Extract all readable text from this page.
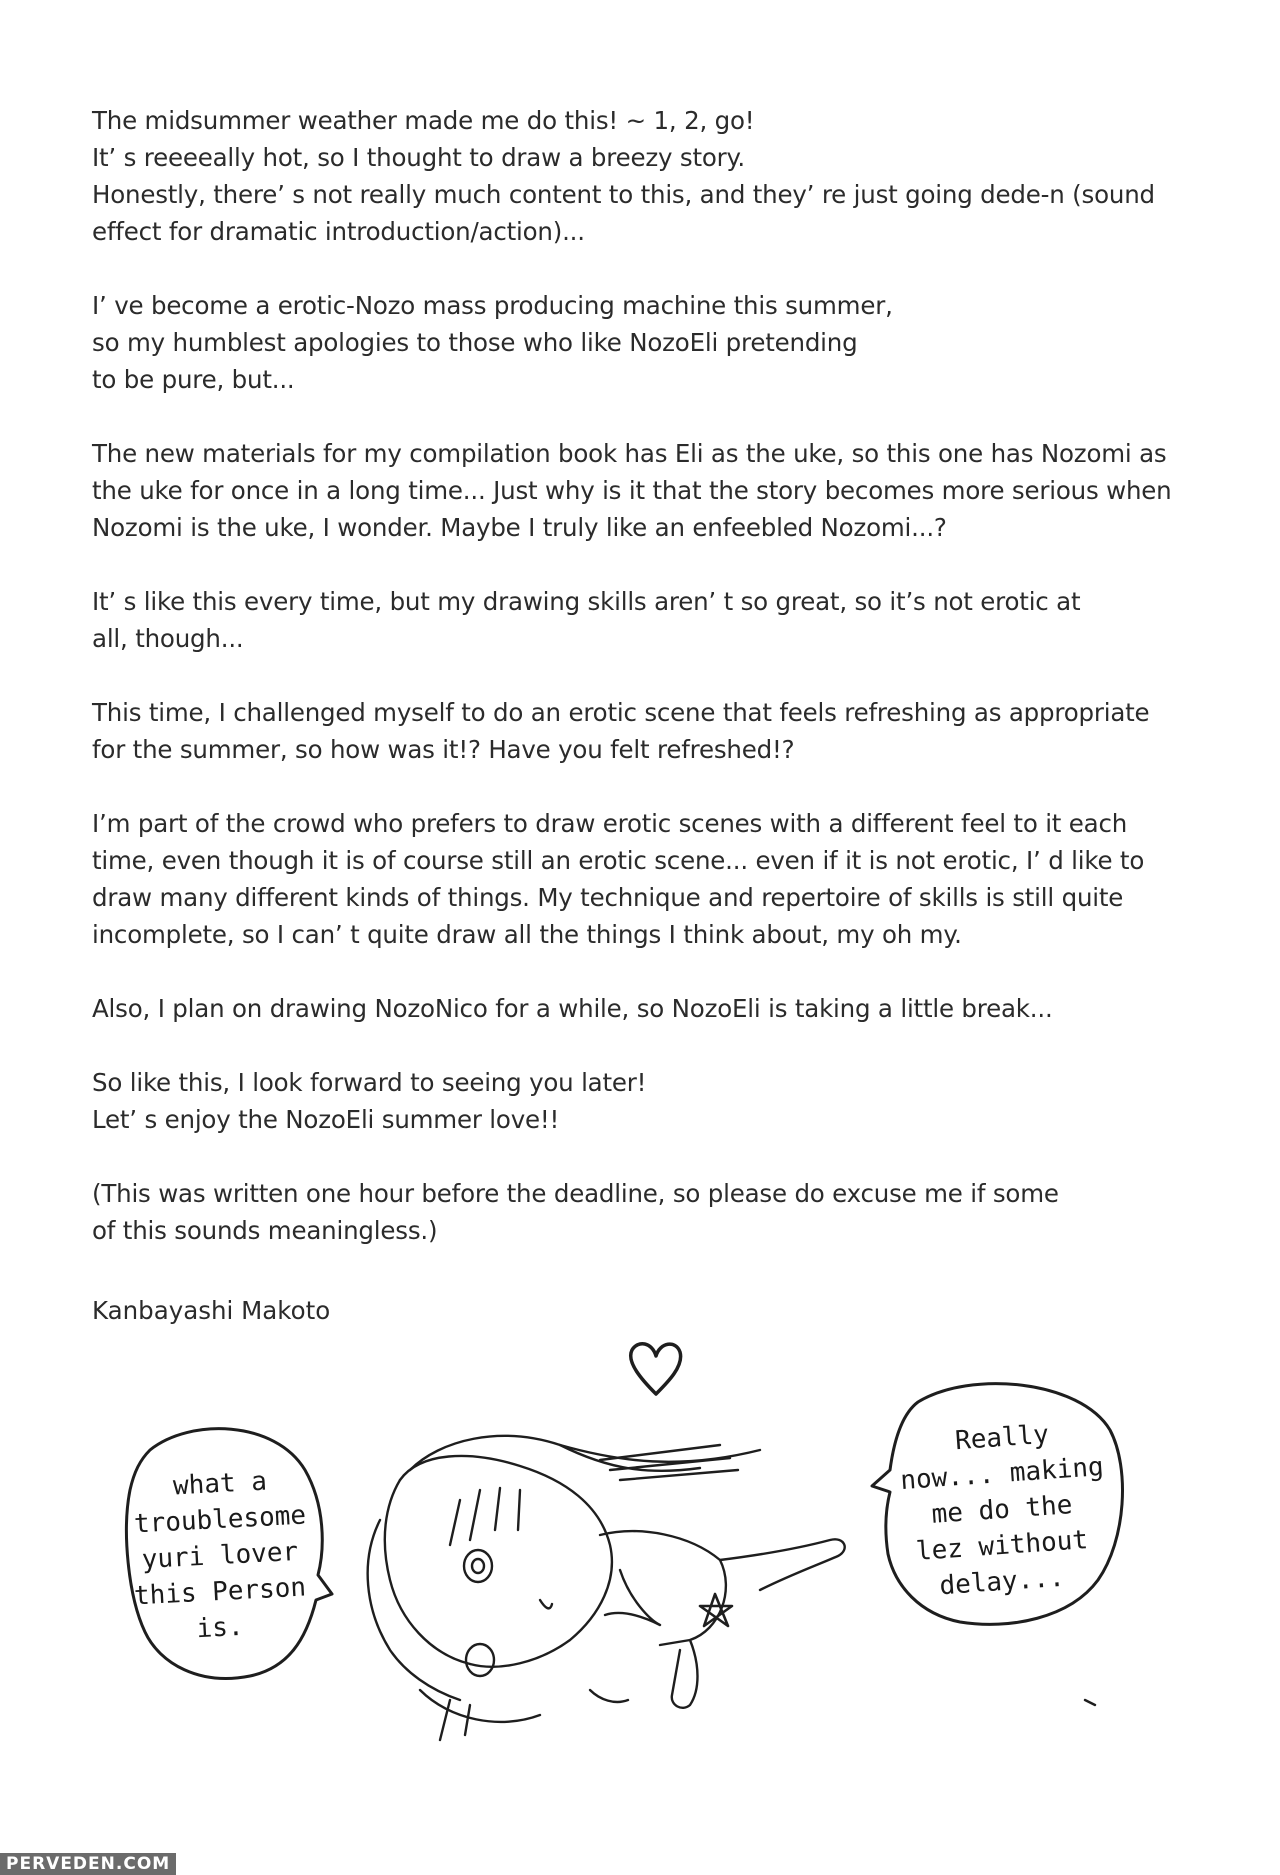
The midsummer weather made me do this! ~ 1, 2, go!
It’ s reeeeally hot, so I thought to draw a breezy story.
Honestly, there’ s not really much content to this, and they’ re just going dede-n (sound
effect for dramatic introduction/action)...
I’ ve become a erotic-Nozo mass producing machine this summer,
so my humblest apologies to those who like NozoEli pretending
to be pure, but...
The new materials for my compilation book has Eli as the uke, so this one has Nozomi as
the uke for once in a long time... Just why is it that the story becomes more serious when
Nozomi is the uke, I wonder. Maybe I truly like an enfeebled Nozomi...?
It’ s like this every time, but my drawing skills aren’ t so great, so it’s not erotic at
all, though...
This time, I challenged myself to do an erotic scene that feels refreshing as appropriate
for the summer, so how was it!? Have you felt refreshed!?
I’m part of the crowd who prefers to draw erotic scenes with a different feel to it each
time, even though it is of course still an erotic scene... even if it is not erotic, I’ d like to
draw many different kinds of things. My technique and repertoire of skills is still quite
incomplete, so I can’ t quite draw all the things I think about, my oh my.
Also, I plan on drawing NozoNico for a while, so NozoEli is taking a little break...
So like this, I look forward to seeing you later!
Let’ s enjoy the NozoEli summer love!!
(This was written one hour before the deadline, so please do excuse me if some
of this sounds meaningless.)
Kanbayashi Makoto
what a
troublesome
yuri lover
this Person
is.
Really
now... making
me do the
lez without
delay...
PERVEDEN.COM
